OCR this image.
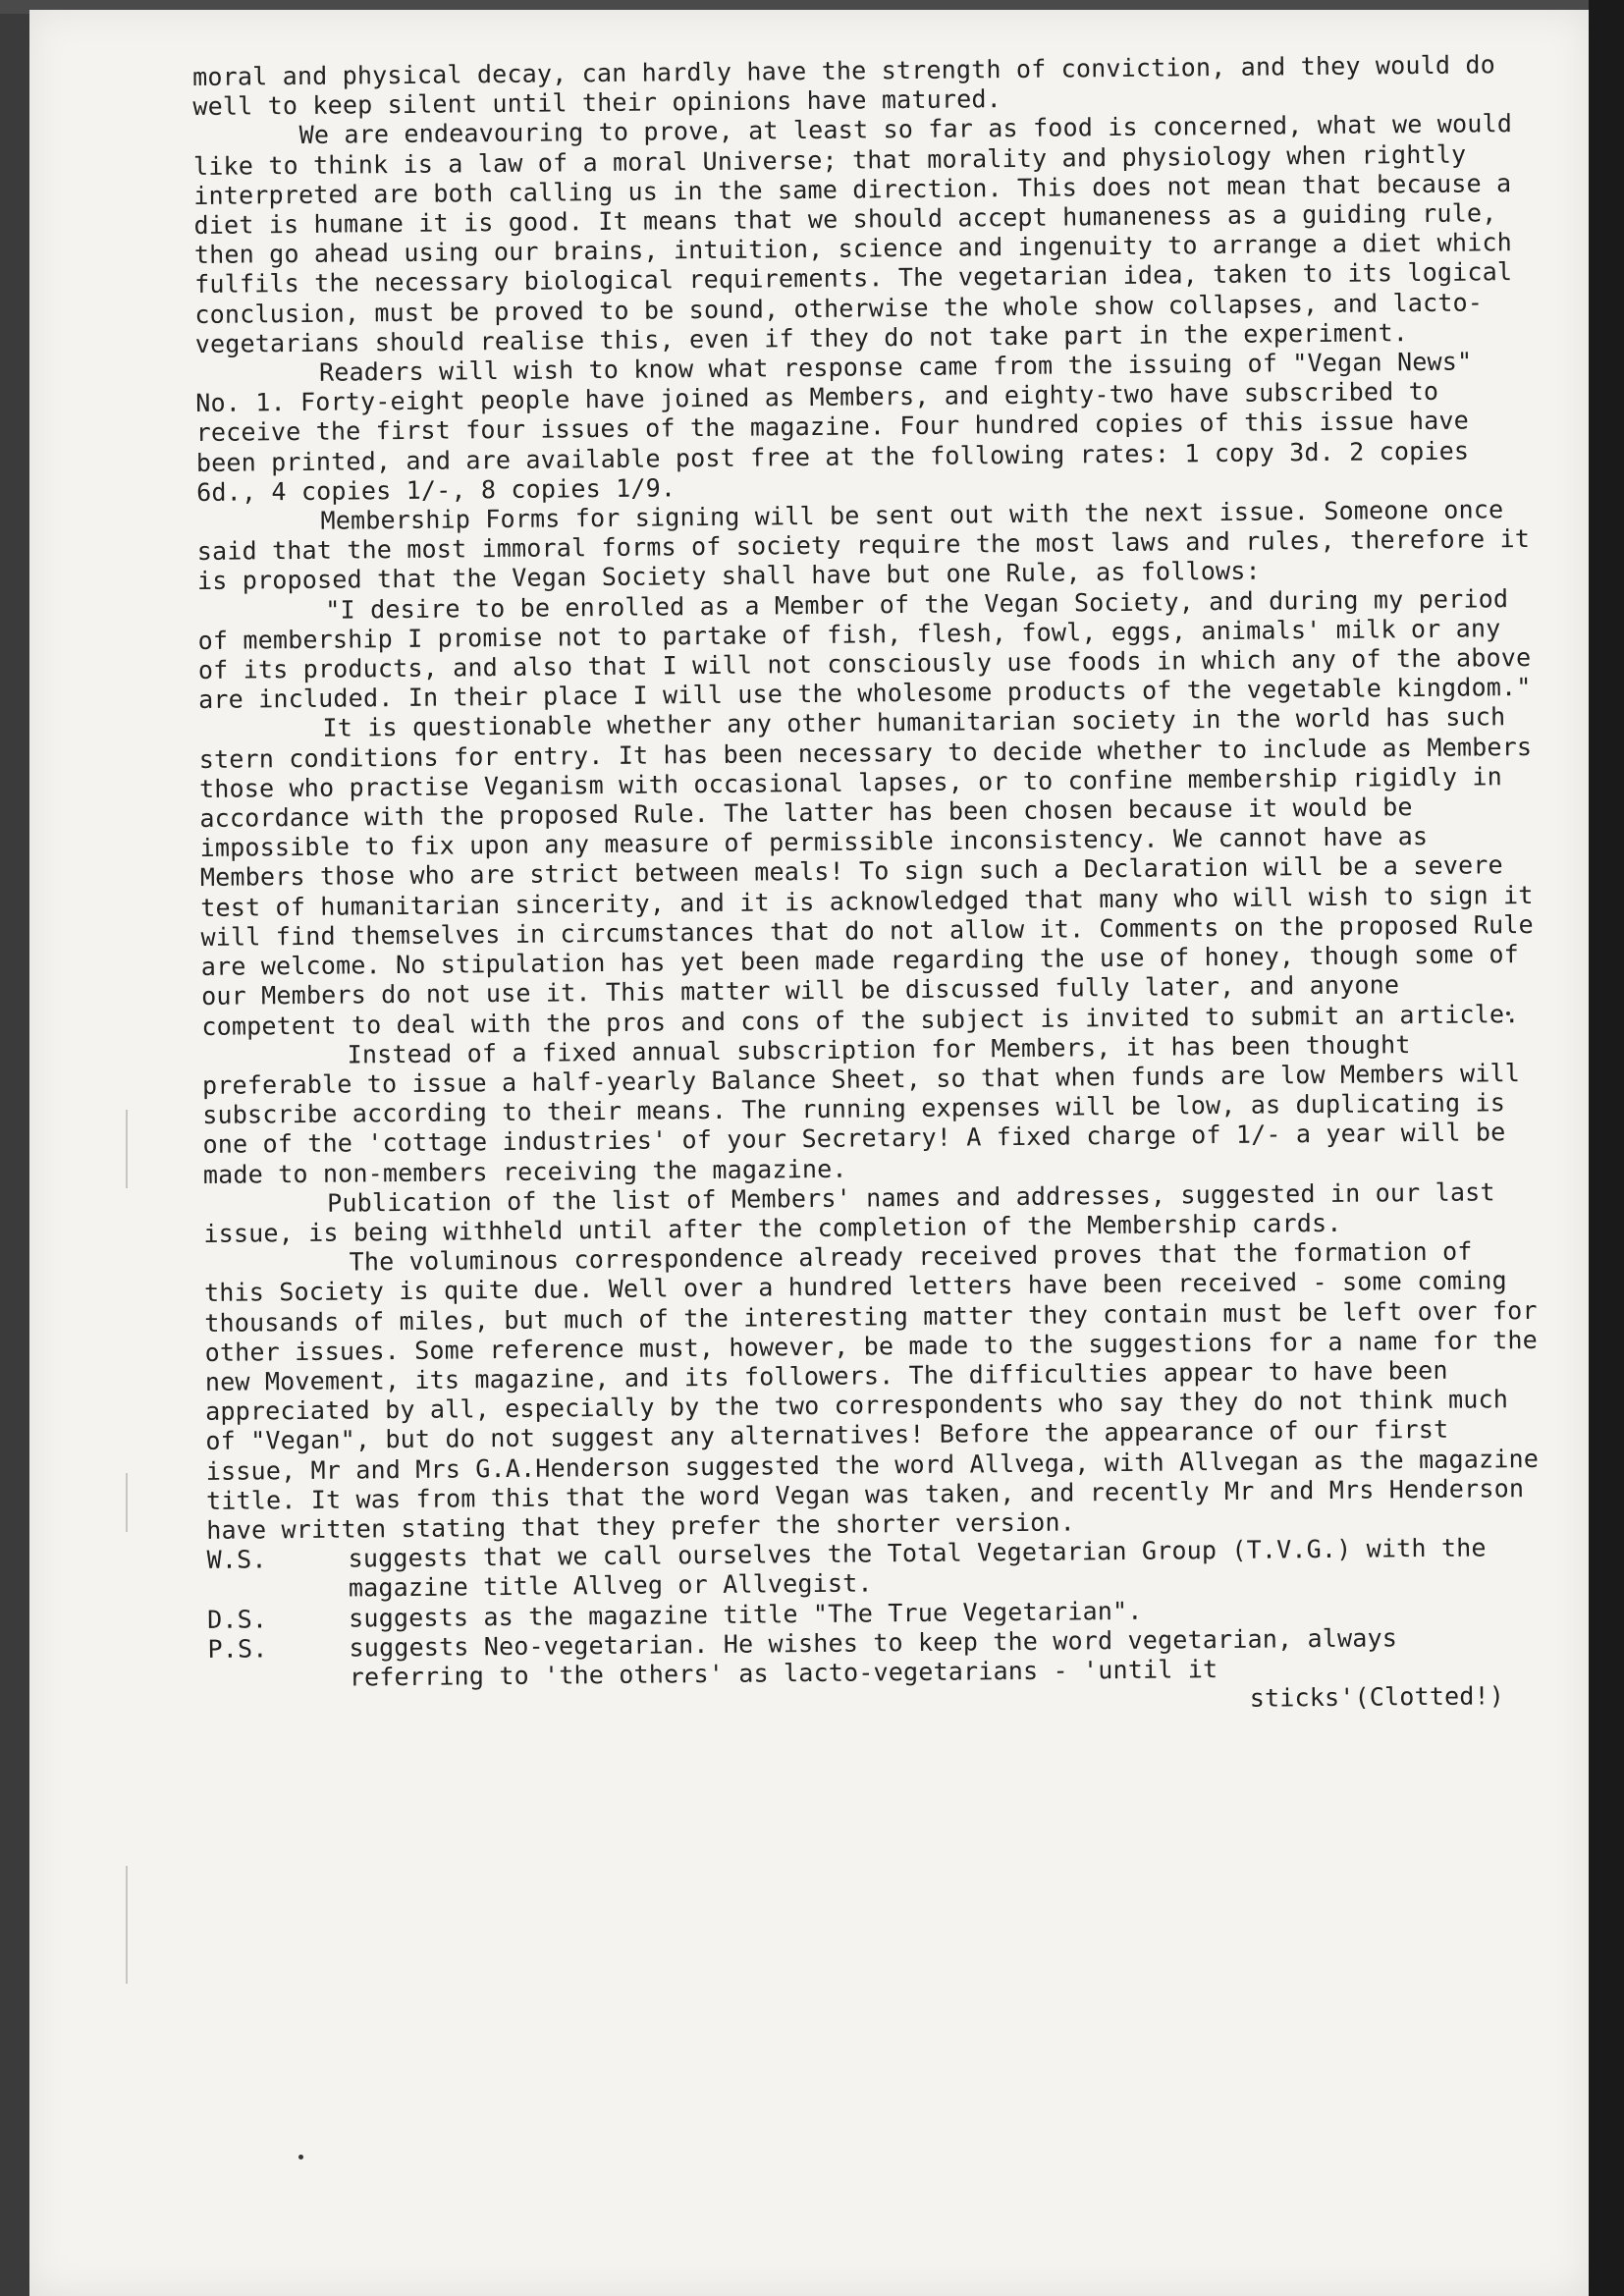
moral and physical decay, can hardly have the strength of conviction, and they would do well to keep silent until their opinions have matured.

We are endeavouring to prove, at least so far as food is concerned, what we would like to think is a law of a moral Universe; that morality and physiology when rightly interpreted are both calling us in the same direction. This does not mean that because a diet is humane it is good. It means that we should accept humaneness as a guiding rule, then go ahead using our brains, intuition, science and ingenuity to arrange a diet which fulfils the necessary biological requirements. The vegetarian idea, taken to its logical conclusion, must be proved to be sound, otherwise the whole show collapses, and lacto-vegetarians should realise this, even if they do not take part in the experiment.

Readers will wish to know what response came from the issuing of "Vegan News" No. 1. Forty-eight people have joined as Members, and eighty-two have subscribed to receive the first four issues of the magazine. Four hundred copies of this issue have been printed, and are available post free at the following rates: 1 copy 3d. 2 copies 6d., 4 copies 1/-, 8 copies 1/9.

Membership Forms for signing will be sent out with the next issue. Someone once said that the most immoral forms of society require the most laws and rules, therefore it is proposed that the Vegan Society shall have but one Rule, as follows:

"I desire to be enrolled as a Member of the Vegan Society, and during my period of membership I promise not to partake of fish, flesh, fowl, eggs, animals' milk or any of its products, and also that I will not consciously use foods in which any of the above are included. In their place I will use the wholesome products of the vegetable kingdom."

It is questionable whether any other humanitarian society in the world has such stern conditions for entry. It has been necessary to decide whether to include as Members those who practise Veganism with occasional lapses, or to confine membership rigidly in accordance with the proposed Rule. The latter has been chosen because it would be impossible to fix upon any measure of permissible inconsistency. We cannot have as Members those who are strict between meals! To sign such a Declaration will be a severe test of humanitarian sincerity, and it is acknowledged that many who will wish to sign it will find themselves in circumstances that do not allow it. Comments on the proposed Rule are welcome. No stipulation has yet been made regarding the use of honey, though some of our Members do not use it. This matter will be discussed fully later, and anyone competent to deal with the pros and cons of the subject is invited to submit an article.

Instead of a fixed annual subscription for Members, it has been thought preferable to issue a half-yearly Balance Sheet, so that when funds are low Members will subscribe according to their means. The running expenses will be low, as duplicating is one of the 'cottage industries' of your Secretary! A fixed charge of 1/- a year will be made to non-members receiving the magazine.

Publication of the list of Members' names and addresses, suggested in our last issue, is being withheld until after the completion of the Membership cards.

The voluminous correspondence already received proves that the formation of this Society is quite due. Well over a hundred letters have been received - some coming thousands of miles, but much of the interesting matter they contain must be left over for other issues. Some reference must, however, be made to the suggestions for a name for the new Movement, its magazine, and its followers. The difficulties appear to have been appreciated by all, especially by the two correspondents who say they do not think much of "Vegan", but do not suggest any alternatives! Before the appearance of our first issue, Mr and Mrs G.A.Henderson suggested the word Allvega, with Allvegan as the magazine title. It was from this that the word Vegan was taken, and recently Mr and Mrs Henderson have written stating that they prefer the shorter version.

W.S.	suggests that we call ourselves the Total Vegetarian Group (T.V.G.) with the magazine title Allveg or Allvegist.
D.S.	suggests as the magazine title "The True Vegetarian".
P.S.	suggests Neo-vegetarian. He wishes to keep the word vegetarian, always referring to 'the others' as lacto-vegetarians - 'until it

sticks'(Clotted!)
